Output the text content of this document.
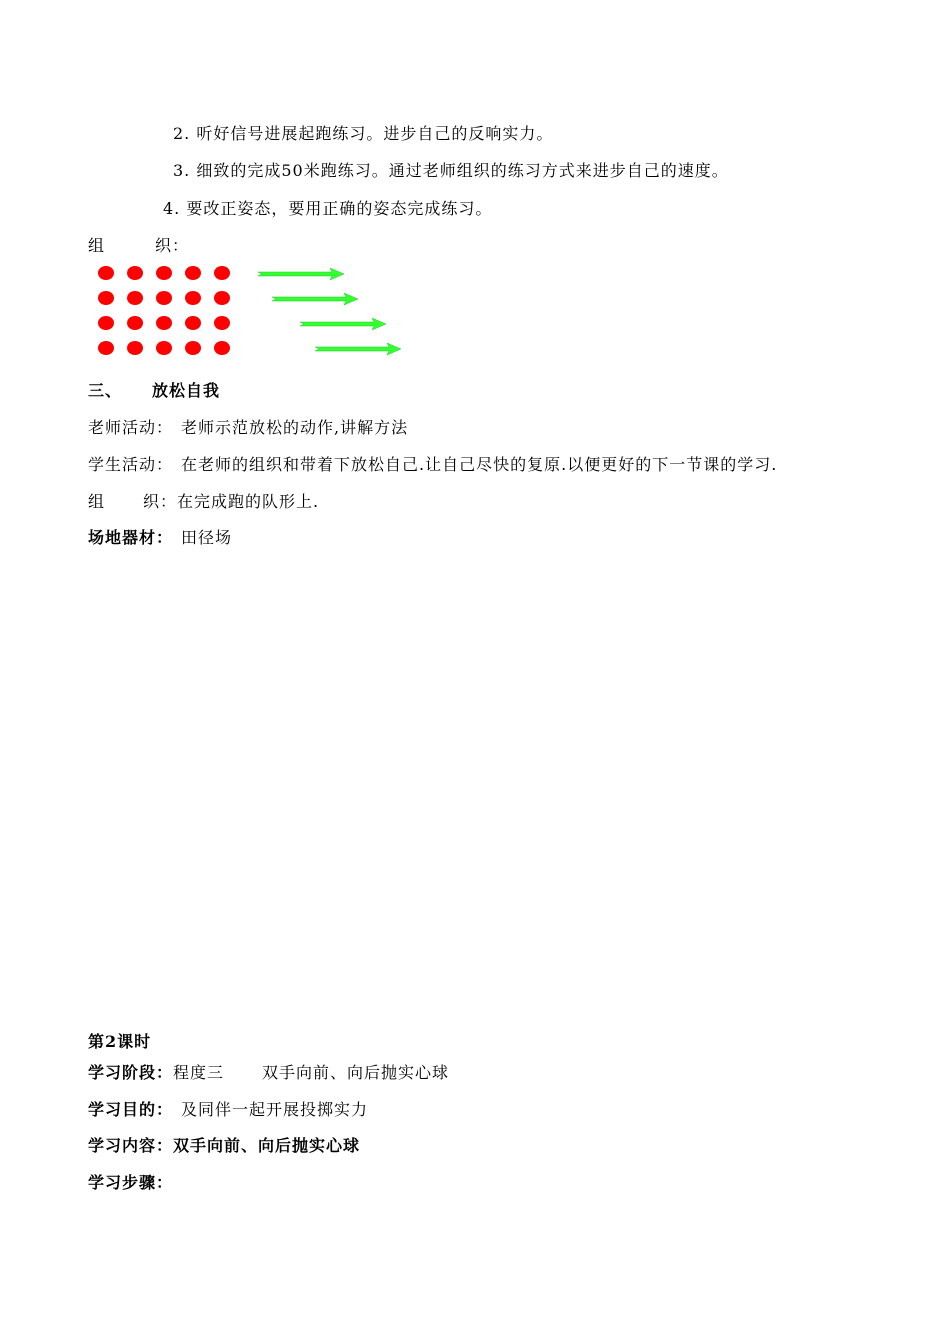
2. 听好信号进展起跑练习。进步自己的反响实力。
3. 细致的完成50米跑练习。通过老师组织的练习方式来进步自己的速度。
4. 要改正姿态，要用正确的姿态完成练习。
组	织：
三、 放松自我
老师活动： 老师示范放松的动作,讲解方法
学生活动： 在老师的组织和带着下放松自己.让自己尽快的复原.以便更好的下一节课的学习.
组 织：在完成跑的队形上.
场地器材： 田径场
第2课时
学习阶段：程度三 双手向前、向后抛实心球
学习目的： 及同伴一起开展投掷实力
学习内容：双手向前、向后抛实心球
学习步骤：
